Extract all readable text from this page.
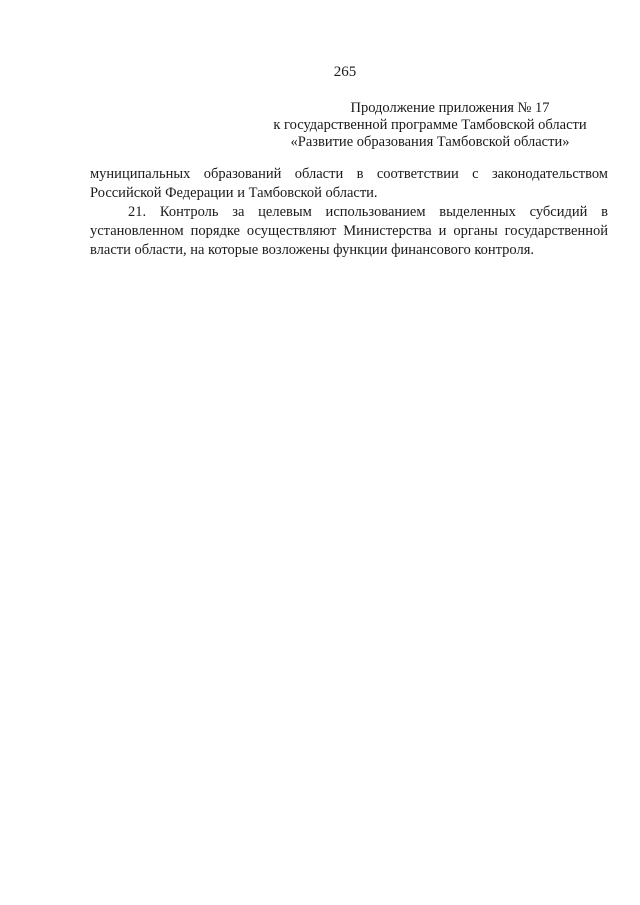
265
Продолжение приложения № 17
к государственной программе Тамбовской области
«Развитие образования Тамбовской области»

муниципальных образований области в соответствии с законодательством Российской Федерации и Тамбовской области.

21. Контроль за целевым использованием выделенных субсидий в установленном порядке осуществляют Министерства и органы государственной власти области, на которые возложены функции финансового контроля.
